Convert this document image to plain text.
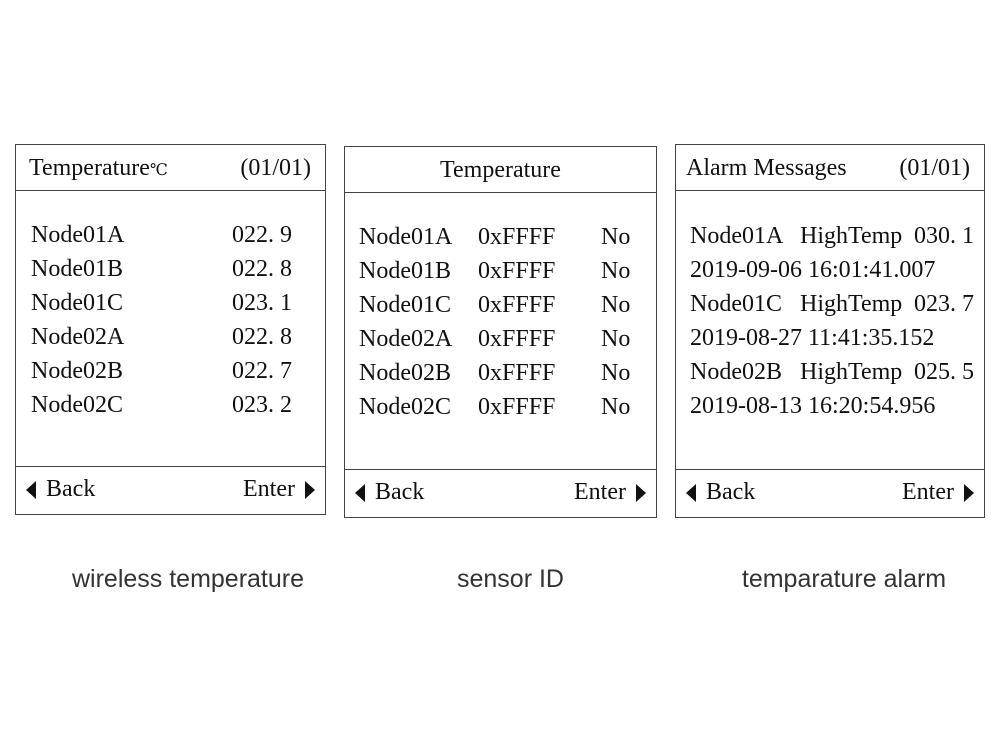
Temperature℃	(01/01)
Node01A	022. 9
Node01B	022. 8
Node01C	023. 1
Node02A	022. 8
Node02B	022. 7
Node02C	023. 2
Back	Enter
Temperature
Node01A 0xFFFF No
Node01B 0xFFFF No
Node01C 0xFFFF No
Node02A 0xFFFF No
Node02B 0xFFFF No
Node02C 0xFFFF No
Back	Enter
Alarm Messages (01/01)
Node01A HighTemp 030. 1
2019-09-06 16:01:41.007
Node01C HighTemp 023. 7
2019-08-27 11:41:35.152
Node02B HighTemp 025. 5
2019-08-13 16:20:54.956
Back	Enter
wireless temperature	sensor ID	temparature alarm
